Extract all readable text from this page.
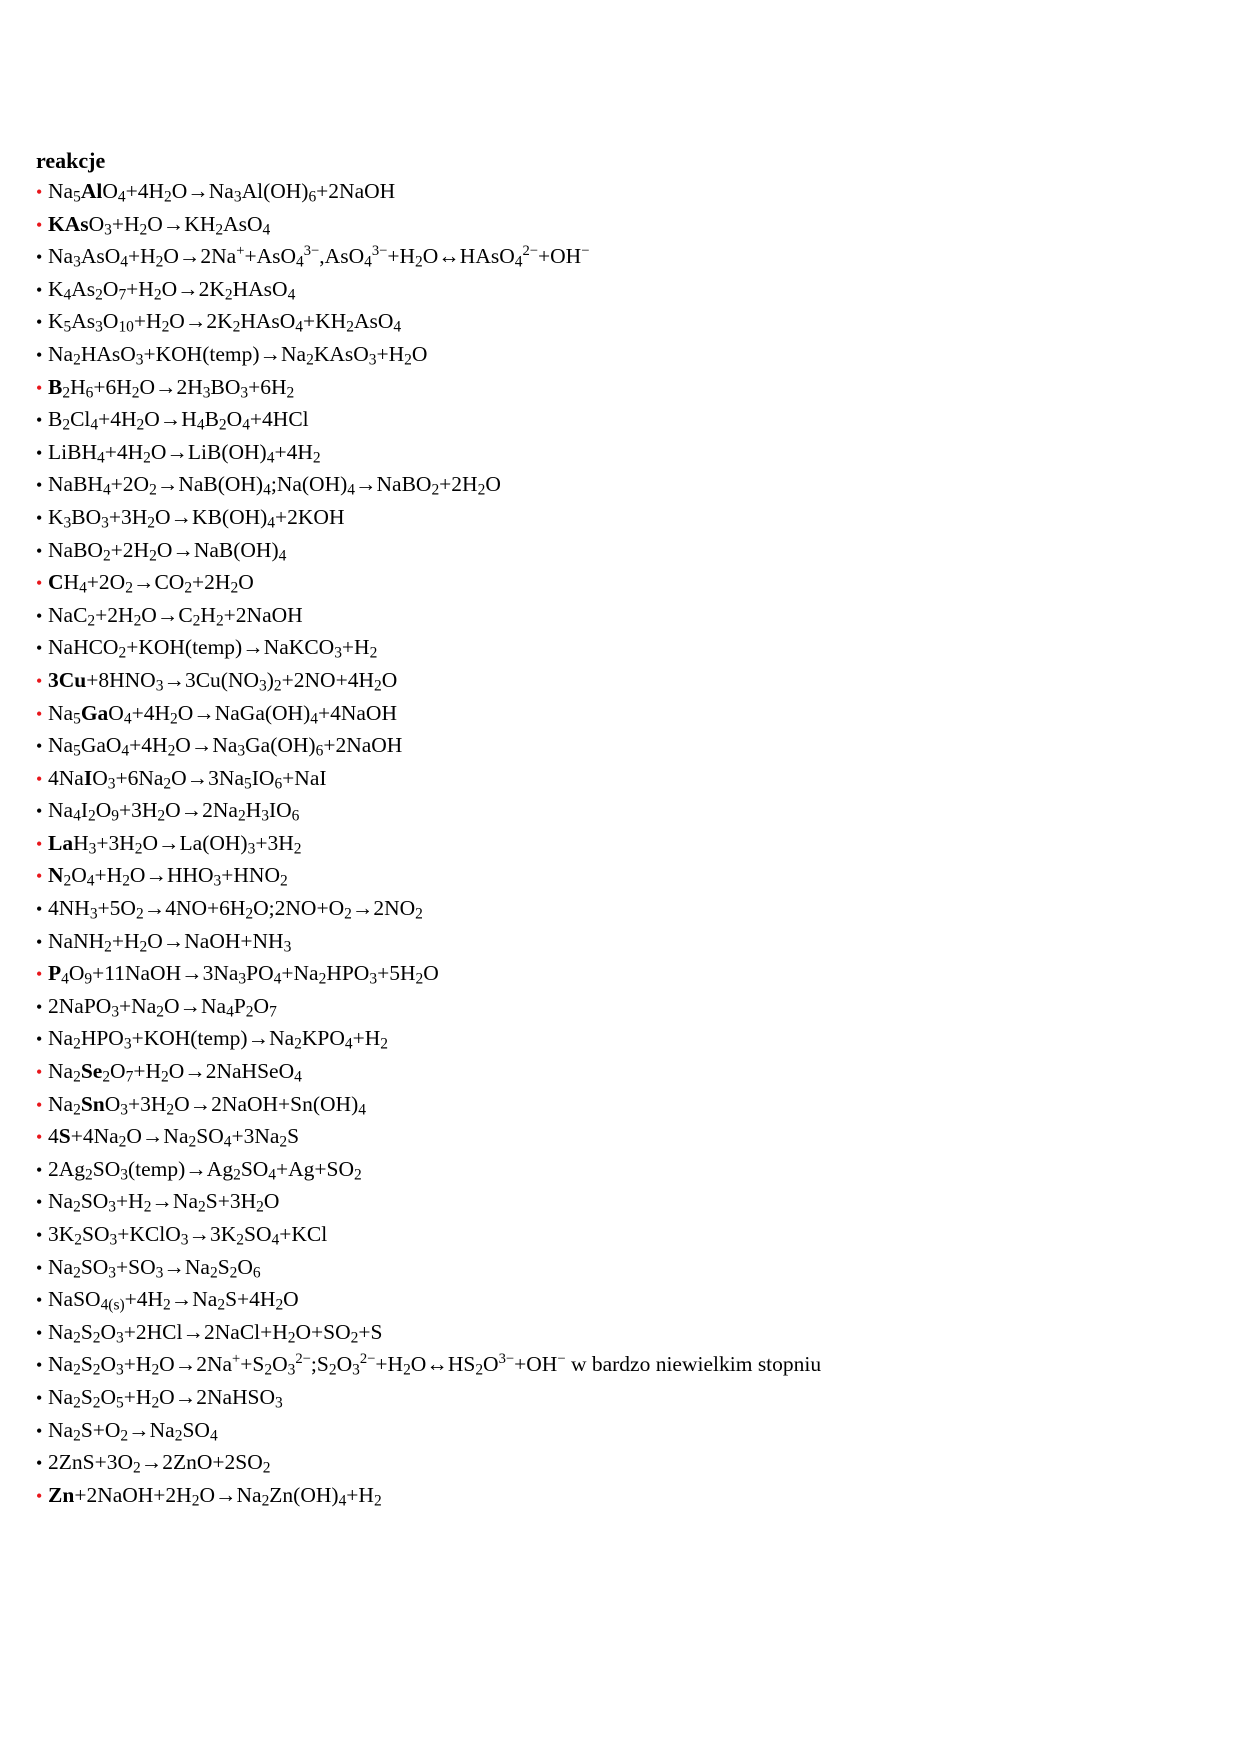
reakcje
• $Na_5AlO_4+4H_2O\to Na_3Al(OH)_6+2NaOH$
• $KAsO_3+H_2O\to KH_2AsO_4$
• $Na_3AsO_4+H_2O\to 2Na^++AsO_4^{3-},AsO_4^{3-}+H_2O\leftrightarrow HAsO_4^{2-}+OH^-$
• $K_4As_2O_7+H_2O\to 2K_2HAsO_4$
• $K_5As_3O_{10}+H_2O\to 2K_2HAsO_4+KH_2AsO_4$
• $Na_2HAsO_3+KOH(temp)\to Na_2KAsO_3+H_2O$
• $B_2H_6+6H_2O\to 2H_3BO_3+6H_2$
• $B_2Cl_4+4H_2O\to H_4B_2O_4+4HCl$
• $LiBH_4+4H_2O\to LiB(OH)_4+4H_2$
• $NaBH_4+2O_2\to NaB(OH)_4;Na(OH)_4\to NaBO_2+2H_2O$
• $K_3BO_3+3H_2O\to KB(OH)_4+2KOH$
• $NaBO_2+2H_2O\to NaB(OH)_4$
• $CH_4+2O_2\to CO_2+2H_2O$
• $NaC_2+2H_2O\to C_2H_2+2NaOH$
• $NaHCO_2+KOH(temp)\to NaKCO_3+H_2$
• $3Cu+8HNO_3\to 3Cu(NO_3)_2+2NO+4H_2O$
• $Na_5GaO_4+4H_2O\to NaGa(OH)_4+4NaOH$
• $Na_5GaO_4+4H_2O\to Na_3Ga(OH)_6+2NaOH$
• $4NaIO_3+6Na_2O\to 3Na_5IO_6+NaI$
• $Na_4I_2O_9+3H_2O\to 2Na_2H_3IO_6$
• $LaH_3+3H_2O\to La(OH)_3+3H_2$
• $N_2O_4+H_2O\to HHO_3+HNO_2$
• $4NH_3+5O_2\to 4NO+6H_2O;2NO+O_2\to 2NO_2$
• $NaNH_2+H_2O\to NaOH+NH_3$
• $P_4O_9+11NaOH\to 3Na_3PO_4+Na_2HPO_3+5H_2O$
• $2NaPO_3+Na_2O\to Na_4P_2O_7$
• $Na_2HPO_3+KOH(temp)\to Na_2KPO_4+H_2$
• $Na_2Se_2O_7+H_2O\to 2NaHSeO_4$
• $Na_2SnO_3+3H_2O\to 2NaOH+Sn(OH)_4$
• $4S+4Na_2O\to Na_2SO_4+3Na_2S$
• $2Ag_2SO_3(temp)\to Ag_2SO_4+Ag+SO_2$
• $Na_2SO_3+H_2\to Na_2S+3H_2O$
• $3K_2SO_3+KClO_3\to 3K_2SO_4+KCl$
• $Na_2SO_3+SO_3\to Na_2S_2O_6$
• $NaSO_{4(s)}+4H_2\to Na_2S+4H_2O$
• $Na_2S_2O_3+2HCl\to 2NaCl+H_2O+SO_2+S$
• $Na_2S_2O_3+H_2O\to 2Na^++S_2O_3^{2-};S_2O_3^{2-}+H_2O\leftrightarrow HS_2O^{3-}+OH^-$ w bardzo niewielkim stopniu
• $Na_2S_2O_5+H_2O\to 2NaHSO_3$
• $Na_2S+O_2\to Na_2SO_4$
• $2ZnS+3O_2\to 2ZnO+2SO_2$
• $Zn+2NaOH+2H_2O\to Na_2Zn(OH)_4+H_2$
